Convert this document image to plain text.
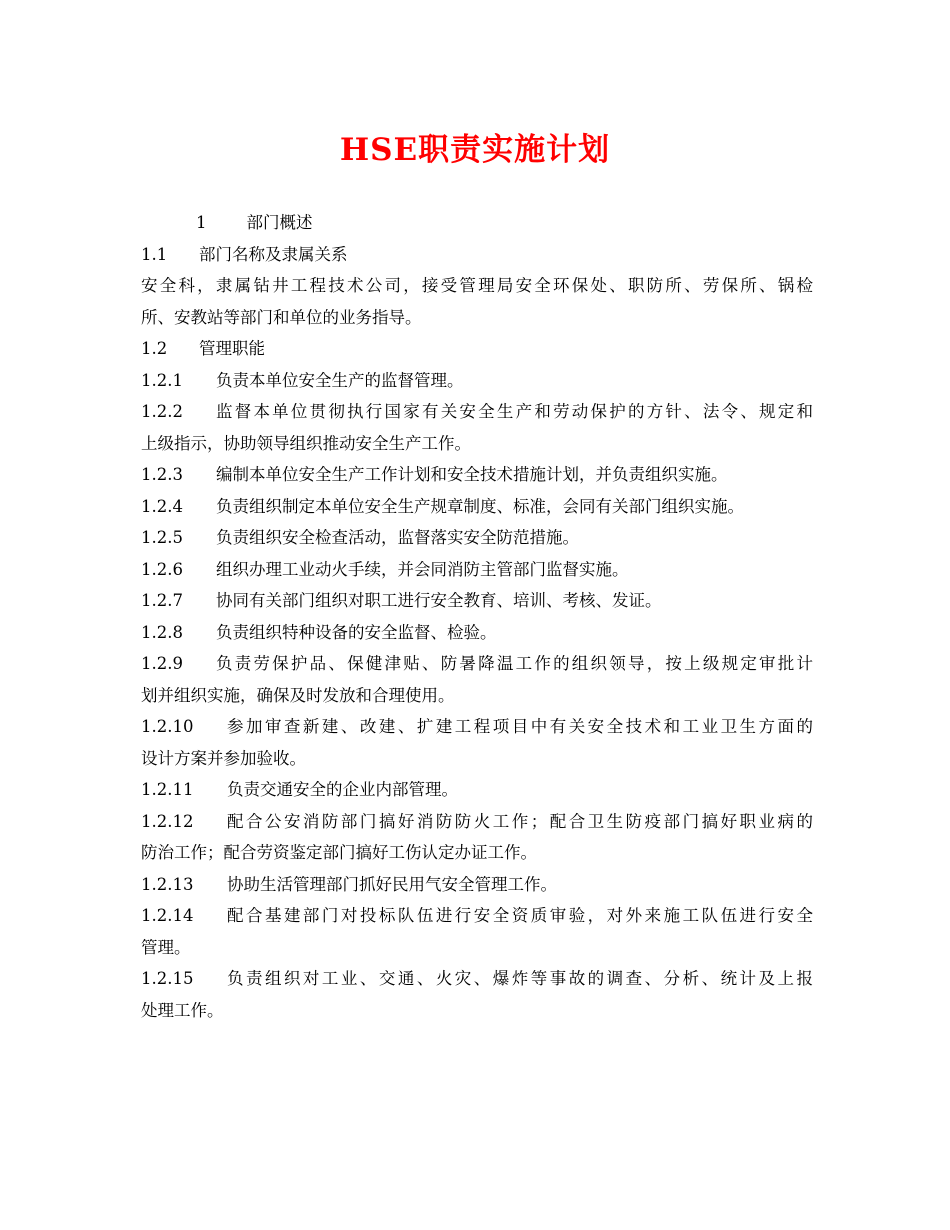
HSE职责实施计划
1 部门概述
1.1 部门名称及隶属关系
安全科，隶属钻井工程技术公司，接受管理局安全环保处、职防所、劳保所、锅检
所、安教站等部门和单位的业务指导。
1.2 管理职能
1.2.1 负责本单位安全生产的监督管理。
1.2.2	监督本单位贯彻执行国家有关安全生产和劳动保护的方针、法令、规定和
上级指示，协助领导组织推动安全生产工作。
1.2.3 编制本单位安全生产工作计划和安全技术措施计划，并负责组织实施。
1.2.4 负责组织制定本单位安全生产规章制度、标准，会同有关部门组织实施。
1.2.5 负责组织安全检查活动，监督落实安全防范措施。
1.2.6 组织办理工业动火手续，并会同消防主管部门监督实施。
1.2.7 协同有关部门组织对职工进行安全教育、培训、考核、发证。
1.2.8 负责组织特种设备的安全监督、检验。
1.2.9	负责劳保护品、保健津贴、防暑降温工作的组织领导，按上级规定审批计
划并组织实施，确保及时发放和合理使用。
1.2.10	参加审查新建、改建、扩建工程项目中有关安全技术和工业卫生方面的
设计方案并参加验收。
1.2.11 负责交通安全的企业内部管理。
1.2.12	配合公安消防部门搞好消防防火工作；配合卫生防疫部门搞好职业病的
防治工作；配合劳资鉴定部门搞好工伤认定办证工作。
1.2.13 协助生活管理部门抓好民用气安全管理工作。
1.2.14	配合基建部门对投标队伍进行安全资质审验，对外来施工队伍进行安全
管理。
1.2.15	负责组织对工业、交通、火灾、爆炸等事故的调查、分析、统计及上报
处理工作。
